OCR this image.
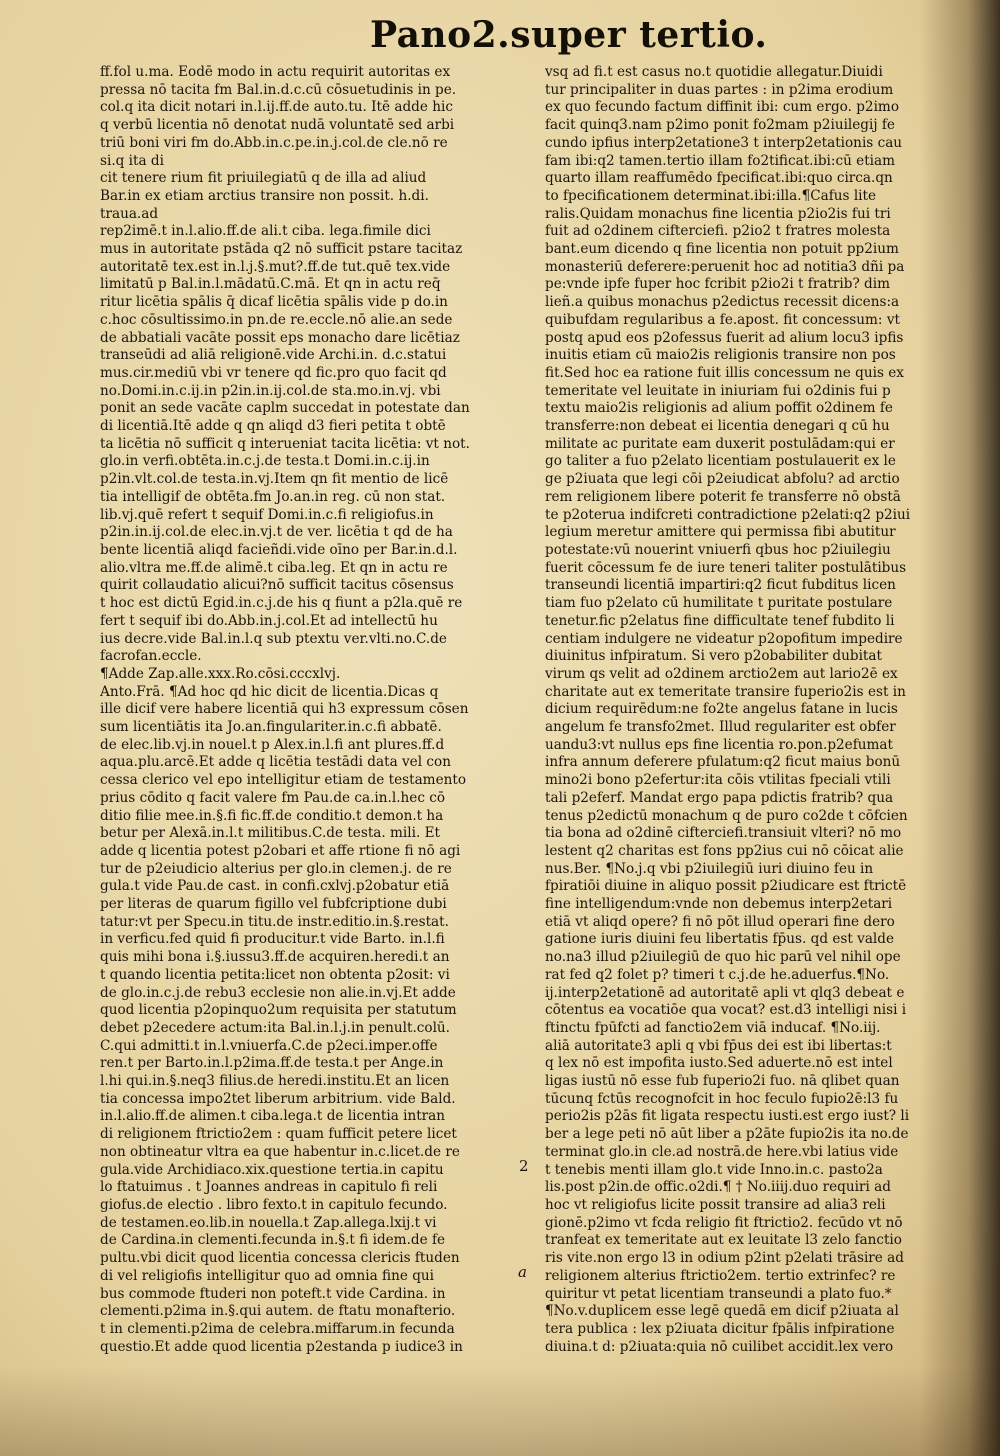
Pano2.super tertio.
ff.fol u.ma. Eodē modo in actu requirit autoritas ex
pressa nō tacita fm Bal.in.d.c.cū cōsuetudinis in pe.
col.q ita dicit notari in.l.ij.ff.de auto.tu. Itē adde hic
q verbū licentia nō denotat nudā voluntatē sed arbi
triū boni viri fm do.Abb.in.c.pe.in.j.col.de cle.nō re
si.q ita di
cit tenere rium fit priuilegiatū q de illa ad aliud
Bar.in ex etiam arctius transire non possit. h.di.
traua.ad
rep2imē.t in.l.alio.ff.de ali.t ciba. lega.fimile dici
mus in autoritate pstāda q2 nō sufficit pstare tacitaz
autoritatē tex.est in.l.j.§.mut?.ff.de tut.quē tex.vide
limitatū p Bal.in.l.mādatū.C.mā. Et qn in actu req̄
ritur licētia spālis q̄ dicaf licētia spālis vide p do.in
c.hoc cōsultissimo.in pn.de re.eccle.nō alie.an sede
de abbatiali vacāte possit eps monacho dare licētiaz
transeūdi ad aliā religionē.vide Archi.in. d.c.statui
mus.cir.mediū vbi vr tenere qd fic.pro quo facit qd
no.Domi.in.c.ij.in p2in.in.ij.col.de sta.mo.in.vj. vbi
ponit an sede vacāte capl̄m succedat in potestate dan
di licentiā.Itē adde q qn aliqd d3 fieri petita t obtē
ta licētia nō sufficit q interueniat tacita licētia: vt not.
glo.in verfi.obtēta.in.c.j.de testa.t Domi.in.c.ij.in
p2in.vlt.col.de testa.in.vj.Item qn fit mentio de licē
tia intelligif de obtēta.fm Jo.an.in reg. cū non stat.
lib.vj.quē refert t sequif Domi.in.c.fi religiofus.in
p2in.in.ij.col.de elec.in.vj.t de ver. licētia t qd de ha
bente licentiā aliqd facieñdi.vide oīno per Bar.in.d.l.
alio.vltra me.ff.de alimē.t ciba.leg. Et qn in actu re
quirit collaudatio alicui?nō sufficit tacitus cōsensus
t hoc est dictū Egid.in.c.j.de his q fiunt a p2la.quē re
fert t sequif ibi do.Abb.in.j.col.Et ad intellectū hu
ius decre.vide Bal.in.l.q sub ptextu ver.vlti.no.C.de
facrofan.eccle.
¶Adde Zap.alle.xxx.Ro.cōsi.cccxlvj.
Anto.Frā. ¶Ad hoc qd hic dicit de licentia.Dicas q
ille dicif vere habere licentiā qui h3 expressum cōsen
sum licentiātis ita Jo.an.fingulariter.in.c.fi abbatē.
de elec.lib.vj.in nouel.t p Alex.in.l.fi ant plures.ff.d
aqua.plu.arcē.Et adde q licētia testādi data vel con
cessa clerico vel epo intelligitur etiam de testamento
prius cōdito q facit valere fm Pau.de ca.in.l.hec cō
ditio filie mee.in.§.fi fic.ff.de conditio.t demon.t ha
betur per Alexā.in.l.t militibus.C.de testa. mili. Et
adde q licentia potest p2obari et affe rtione fi nō agi
tur de p2eiudicio alterius per glo.in clemen.j. de re
gula.t vide Pau.de cast. in confi.cxlvj.p2obatur etiā
per literas de quarum figillo vel fubfcriptione dubi
tatur:vt per Specu.in titu.de instr.editio.in.§.restat.
in verficu.fed quid fi producitur.t vide Barto. in.l.fi
quis mihi bona i.§.iussu3.ff.de acquiren.heredi.t an
t quando licentia petita:licet non obtenta p2osit: vi
de glo.in.c.j.de rebu3 ecclesie non alie.in.vj.Et adde
quod licentia p2opinquo2um requisita per statutum
debet p2ecedere actum:ita Bal.in.l.j.in penult.colū.
C.qui admitti.t in.l.vniuerfa.C.de p2eci.imper.offe
ren.t per Barto.in.l.p2ima.ff.de testa.t per Ange.in
l.hi qui.in.§.neq3 filius.de heredi.institu.Et an licen
tia concessa impo2tet liberum arbitrium. vide Bald.
in.l.alio.ff.de alimen.t ciba.lega.t de licentia intran
di religionem ftrictio2em : quam fufficit petere licet
non obtineatur vltra ea que habentur in.c.licet.de re
gula.vide Archidiaco.xix.questione tertia.in capitu
lo ftatuimus . t Joannes andreas in capitulo fi reli
giofus.de electio . libro fexto.t in capitulo fecundo.
de testamen.eo.lib.in nouella.t Zap.allega.lxij.t vi
de Cardina.in clementi.fecunda in.§.t fi idem.de fe
pultu.vbi dicit quod licentia concessa clericis ftuden
di vel religiofis intelligitur quo ad omnia fine qui
bus commode ftuderi non poteft.t vide Cardina. in
clementi.p2ima in.§.qui autem. de ftatu monafterio.
t in clementi.p2ima de celebra.miffarum.in fecunda
questio.Et adde quod licentia p2estanda p iudice3 in
vsq ad fi.t est casus no.t quotidie allegatur.Diuidi
tur principaliter in duas partes : in p2ima erodium
ex quo fecundo factum diffinit ibi: cum ergo. p2imo
facit quinq3.nam p2imo ponit fo2mam p2iuilegij fe
cundo ipfius interp2etatione3 t interp2etationis cau
fam ibi:q2 tamen.tertio illam fo2tificat.ibi:cū etiam
quarto illam reaffumēdo fpecificat.ibi:quo circa.qn
to fpecificationem determinat.ibi:illa.¶Cafus lite
ralis.Quidam monachus fine licentia p2io2is fui tri
fuit ad o2dinem cifterciefi. p2io2 t fratres molesta
bant.eum dicendo q fine licentia non potuit pp2ium
monasteriū deferere:peruenit hoc ad notitia3 dñi pa
pe:vnde ipfe fuper hoc fcribit p2io2i t fratrib? dim
lieñ.a quibus monachus p2edictus recessit dicens:a
quibufdam regularibus a fe.apost. fit concessum: vt
postq apud eos p2ofessus fuerit ad alium locu3 ipfis
inuitis etiam cū maio2is religionis transire non pos
fit.Sed hoc ea ratione fuit illis concessum ne quis ex
temeritate vel leuitate in iniuriam fui o2dinis fui p
textu maio2is religionis ad alium poffit o2dinem fe
transferre:non debeat ei licentia denegari q cū hu
militate ac puritate eam duxerit postulādam:qui er
go taliter a fuo p2elato licentiam postulauerit ex le
ge p2iuata que legi cōi p2eiudicat abfolu? ad arctio
rem religionem libere poterit fe transferre nō obstā
te p2oterua indifcreti contradictione p2elati:q2 p2iui
legium meretur amittere qui permissa fibi abutitur
potestate:vū nouerint vniuerfi qbus hoc p2iuilegiu
fuerit cōcessum fe de iure teneri taliter postulātibus
transeundi licentiā impartiri:q2 ficut fubditus licen
tiam fuo p2elato cū humilitate t puritate postulare
tenetur.fic p2elatus fine difficultate tenef fubdito li
centiam indulgere ne videatur p2opofitum impedire
diuinitus infpiratum. Si vero p2obabiliter dubitat
virum qs velit ad o2dinem arctio2em aut lario2ē ex
charitate aut ex temeritate transire fuperio2is est in
dicium requirēdum:ne fo2te angelus fatane in lucis
angelum fe transfo2met. Illud regulariter est obfer
uandu3:vt nullus eps fine licentia ro.pon.p2efumat
infra annum deferere pfulatum:q2 ficut maius bonū
mino2i bono p2efertur:ita cōis vtilitas fpeciali vtili
tali p2eferf. Mandat ergo papa pdictis fratrib? qua
tenus p2edictū monachum q de puro co2de t cōfcien
tia bona ad o2dinē cifterciefi.transiuit vlteri? nō mo
lestent q2 charitas est fons pp2ius cui nō cōicat alie
nus.Ber. ¶No.j.q vbi p2iuilegiū iuri diuino feu in
fpiratiōi diuine in aliquo possit p2iudicare est ftrictē
fine intelligendum:vnde non debemus interp2etari
etiā vt aliqd opere? fi nō pōt illud operari fine dero
gatione iuris diuini feu libertatis fp̄us. qd est valde
no.na3 illud p2iuilegiū de quo hic parū vel nihil ope
rat fed q2 folet p? timeri t c.j.de he.aduerfus.¶No.
ij.interp2etationē ad autoritatē apl̄i vt qlq3 debeat e
cōtentus ea vocatiōe qua vocat? est.d3 intelligi nisi i
ftinctu fpūfcti ad fanctio2em viā inducaf. ¶No.iij.
aliā autoritate3 apl̄i q vbi fp̄us dei est ibi libertas:t
q lex nō est impofita iusto.Sed aduerte.nō est intel
ligas iustū nō esse fub fuperio2i fuo. nā qlibet quan
tūcunq fctūs recognofcit in hoc feculo fupio2ē:l3 fu
perio2is p2ās fit ligata respectu iusti.est ergo iust? li
ber a lege peti nō aūt liber a p2āte fupio2is ita no.de
terminat glo.in cle.ad nostrā.de here.vbi latius vide
t tenebis menti illam glo.t vide Inno.in.c. pasto2a
lis.post p2in.de offic.o2di.¶ † No.iiij.duo requiri ad
hoc vt religiofus licite possit transire ad alia3 reli
gionē.p2imo vt fcd̄a religio fit ftrictio2. fecūdo vt nō
tranfeat ex temeritate aut ex leuitate l3 zelo fanctio
ris vite.non ergo l3 in odium p2int p2elati trāsire ad
religionem alterius ftrictio2em. tertio extrinfec? re
quiritur vt petat licentiam transeundi a plato fuo.*
¶No.v.duplicem esse legē quedā em dicif p2iuata al
tera publica : lex p2iuata dicitur fpālis infpiratione
diuina.t d̄: p2iuata:quia nō cuilibet accidit.lex vero
2
a
